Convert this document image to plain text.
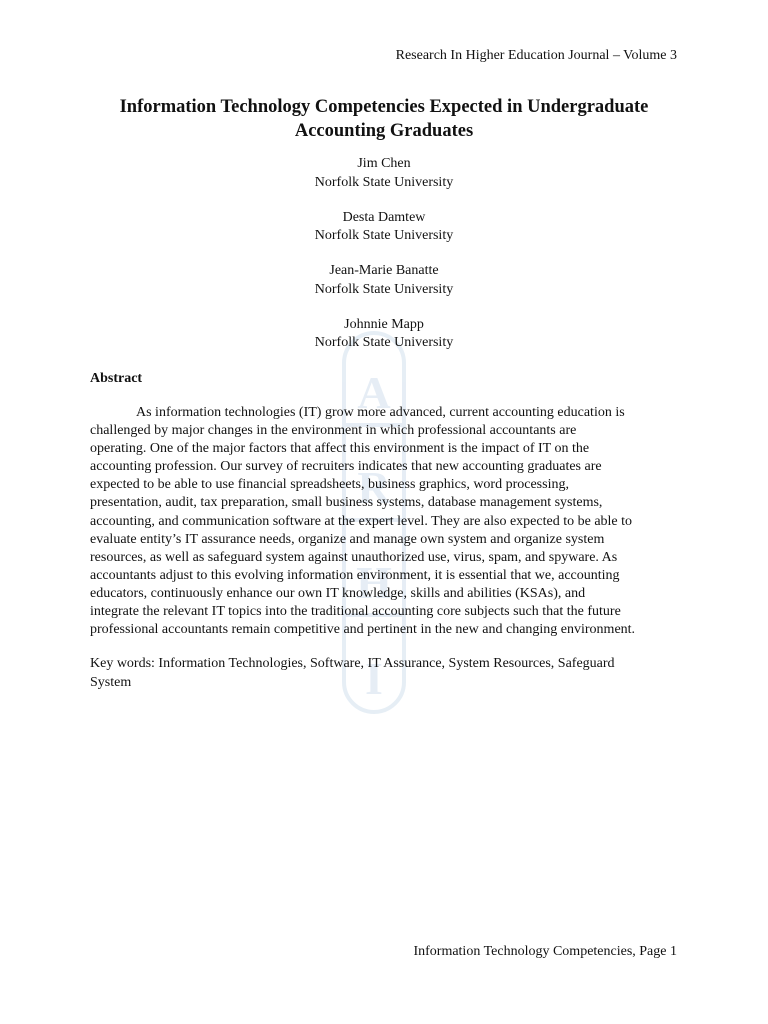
A
R
H
I
Research In Higher Education Journal – Volume 3
Information Technology Competencies Expected in Undergraduate
Accounting Graduates
Jim Chen
Norfolk State University
Desta Damtew
Norfolk State University
Jean-Marie Banatte
Norfolk State University
Johnnie Mapp
Norfolk State University
Abstract
As information technologies (IT) grow more advanced, current accounting education is
challenged by major changes in the environment in which professional accountants are
operating. One of the major factors that affect this environment is the impact of IT on the
accounting profession. Our survey of recruiters indicates that new accounting graduates are
expected to be able to use financial spreadsheets, business graphics, word processing,
presentation, audit, tax preparation, small business systems, database management systems,
accounting, and communication software at the expert level. They are also expected to be able to
evaluate entity’s IT assurance needs, organize and manage own system and organize system
resources, as well as safeguard system against unauthorized use, virus, spam, and spyware. As
accountants adjust to this evolving information environment, it is essential that we, accounting
educators, continuously enhance our own IT knowledge, skills and abilities (KSAs), and
integrate the relevant IT topics into the traditional accounting core subjects such that the future
professional accountants remain competitive and pertinent in the new and changing environment.
Key words: Information Technologies, Software, IT Assurance, System Resources, Safeguard
System
Information Technology Competencies, Page 1
